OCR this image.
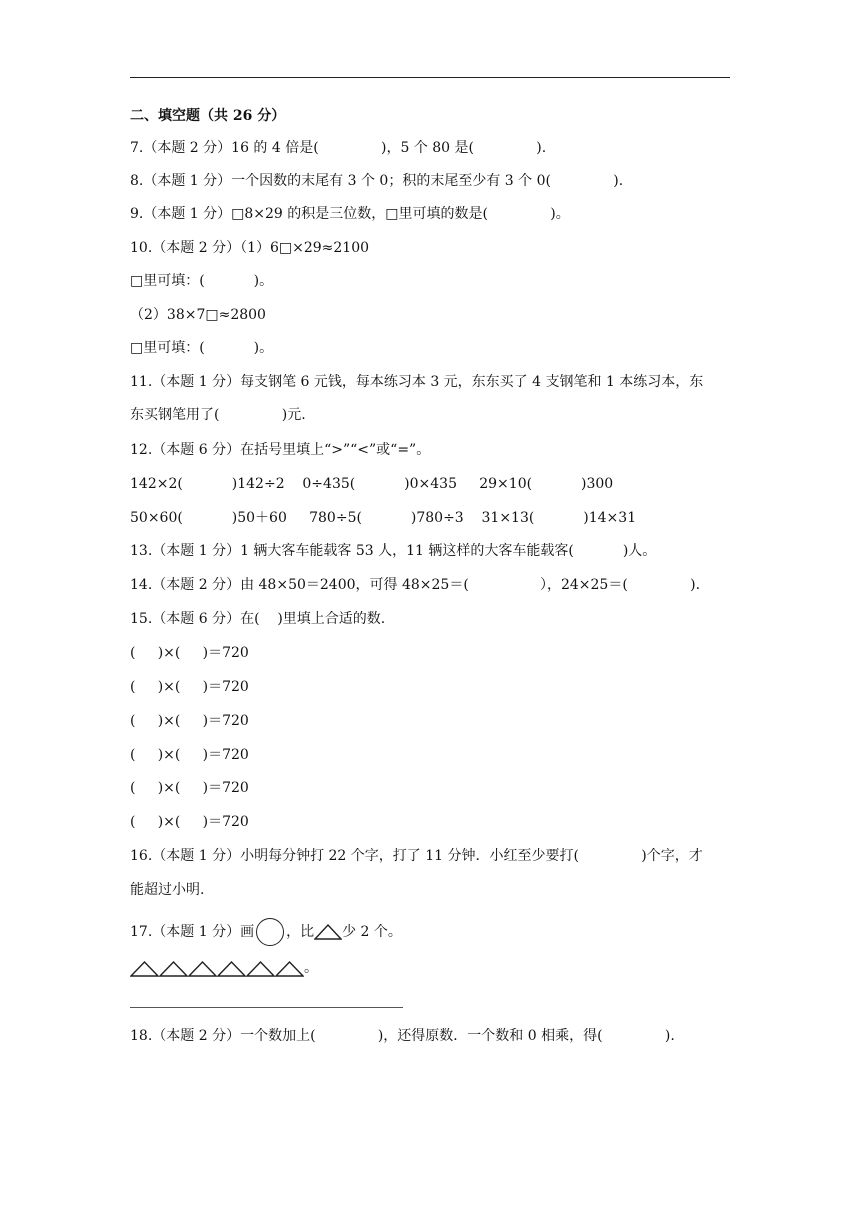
二、填空题（共 26 分）
7.（本题 2 分）16 的 4 倍是(              )，5 个 80 是(              ).
8.（本题 1 分）一个因数的末尾有 3 个 0；积的末尾至少有 3 个 0(              ).
9.（本题 1 分）□8×29 的积是三位数，□里可填的数是(              )。
10.（本题 2 分）（1）6□×29≈2100
□里可填：(           )。
（2）38×7□≈2800
□里可填：(           )。
11.（本题 1 分）每支钢笔 6 元钱，每本练习本 3 元，东东买了 4 支钢笔和 1 本练习本，东
东买钢笔用了(              )元.
12.（本题 6 分）在括号里填上“>”“<”或“=”。
142×2(           )142÷2    0÷435(           )0×435     29×10(           )300
50×60(           )50＋60     780÷5(           )780÷3    31×13(           )14×31
13.（本题 1 分）1 辆大客车能载客 53 人，11 辆这样的大客车能载客(           )人。
14.（本题 2 分）由 48×50＝2400，可得 48×25＝(                ），24×25＝(              ).
15.（本题 6 分）在(    )里填上合适的数.
(     )×(     )＝720
(     )×(     )＝720
(     )×(     )＝720
(     )×(     )＝720
(     )×(     )＝720
(     )×(     )＝720
16.（本题 1 分）小明每分钟打 22 个字，打了 11 分钟．小红至少要打(              )个字，才
能超过小明.
17.（本题 1 分）画 ，比 少 2 个。
。
18.（本题 2 分）一个数加上(              )，还得原数．一个数和 0 相乘，得(              ).
